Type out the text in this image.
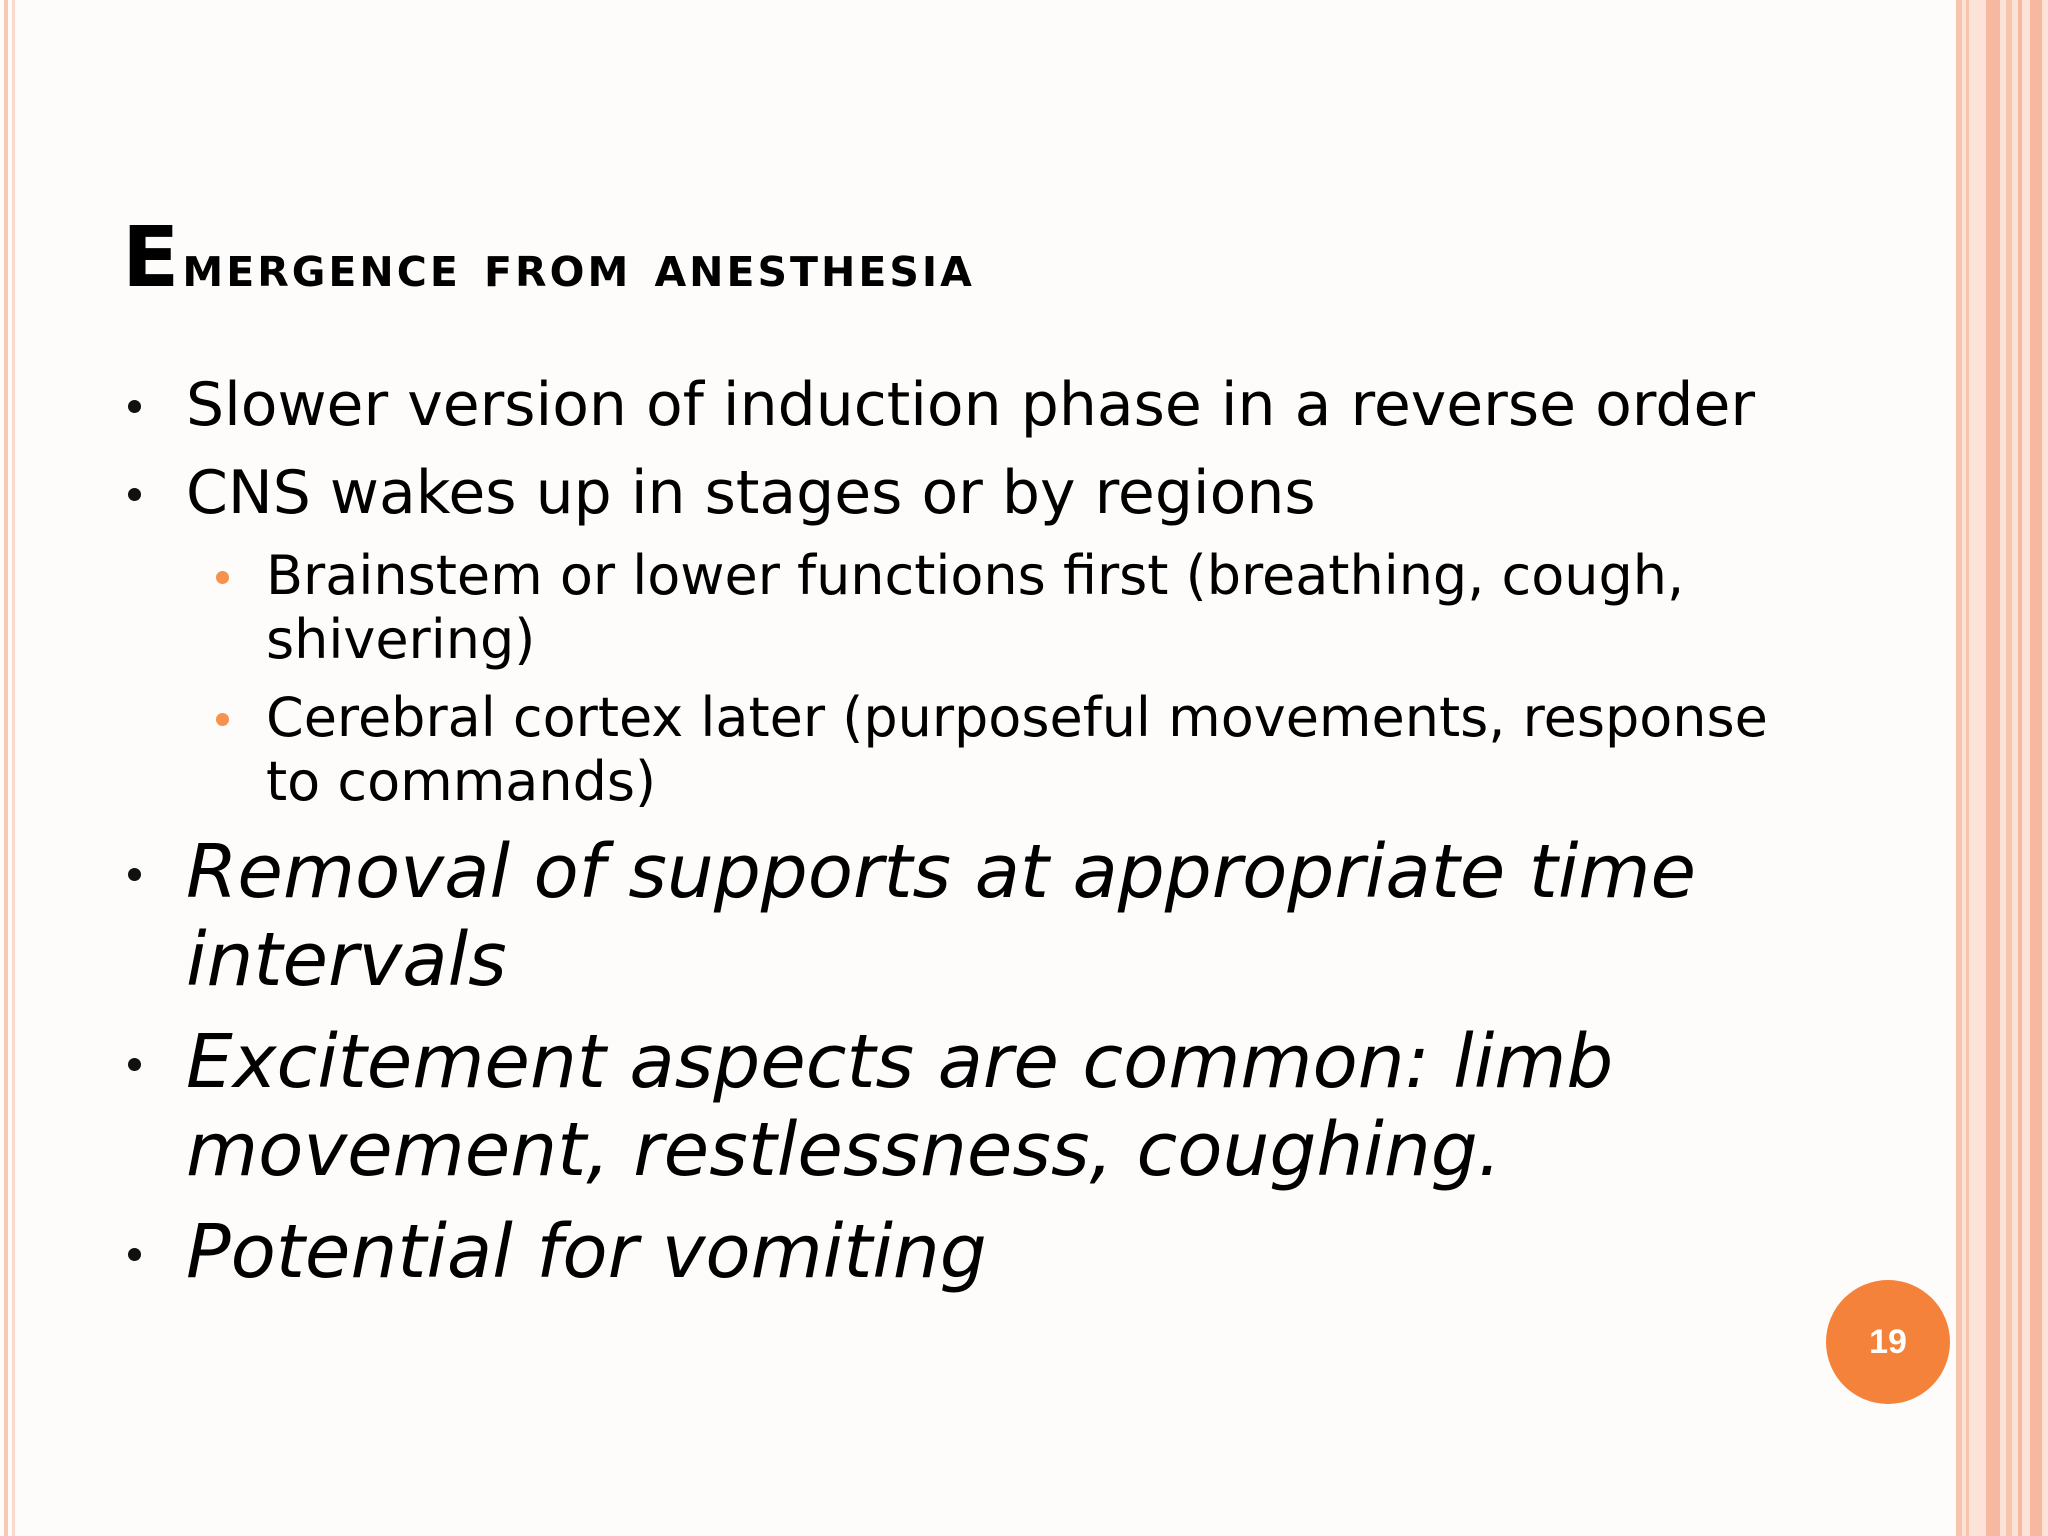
Emergence from anesthesia
Slower version of induction phase in a reverse order
CNS wakes up in stages or by regions
Brainstem or lower functions first (breathing, cough, shivering)
Cerebral cortex later (purposeful movements, response to commands)
Removal of supports at appropriate time intervals
Excitement aspects are common: limb movement, restlessness, coughing.
Potential for vomiting
19
